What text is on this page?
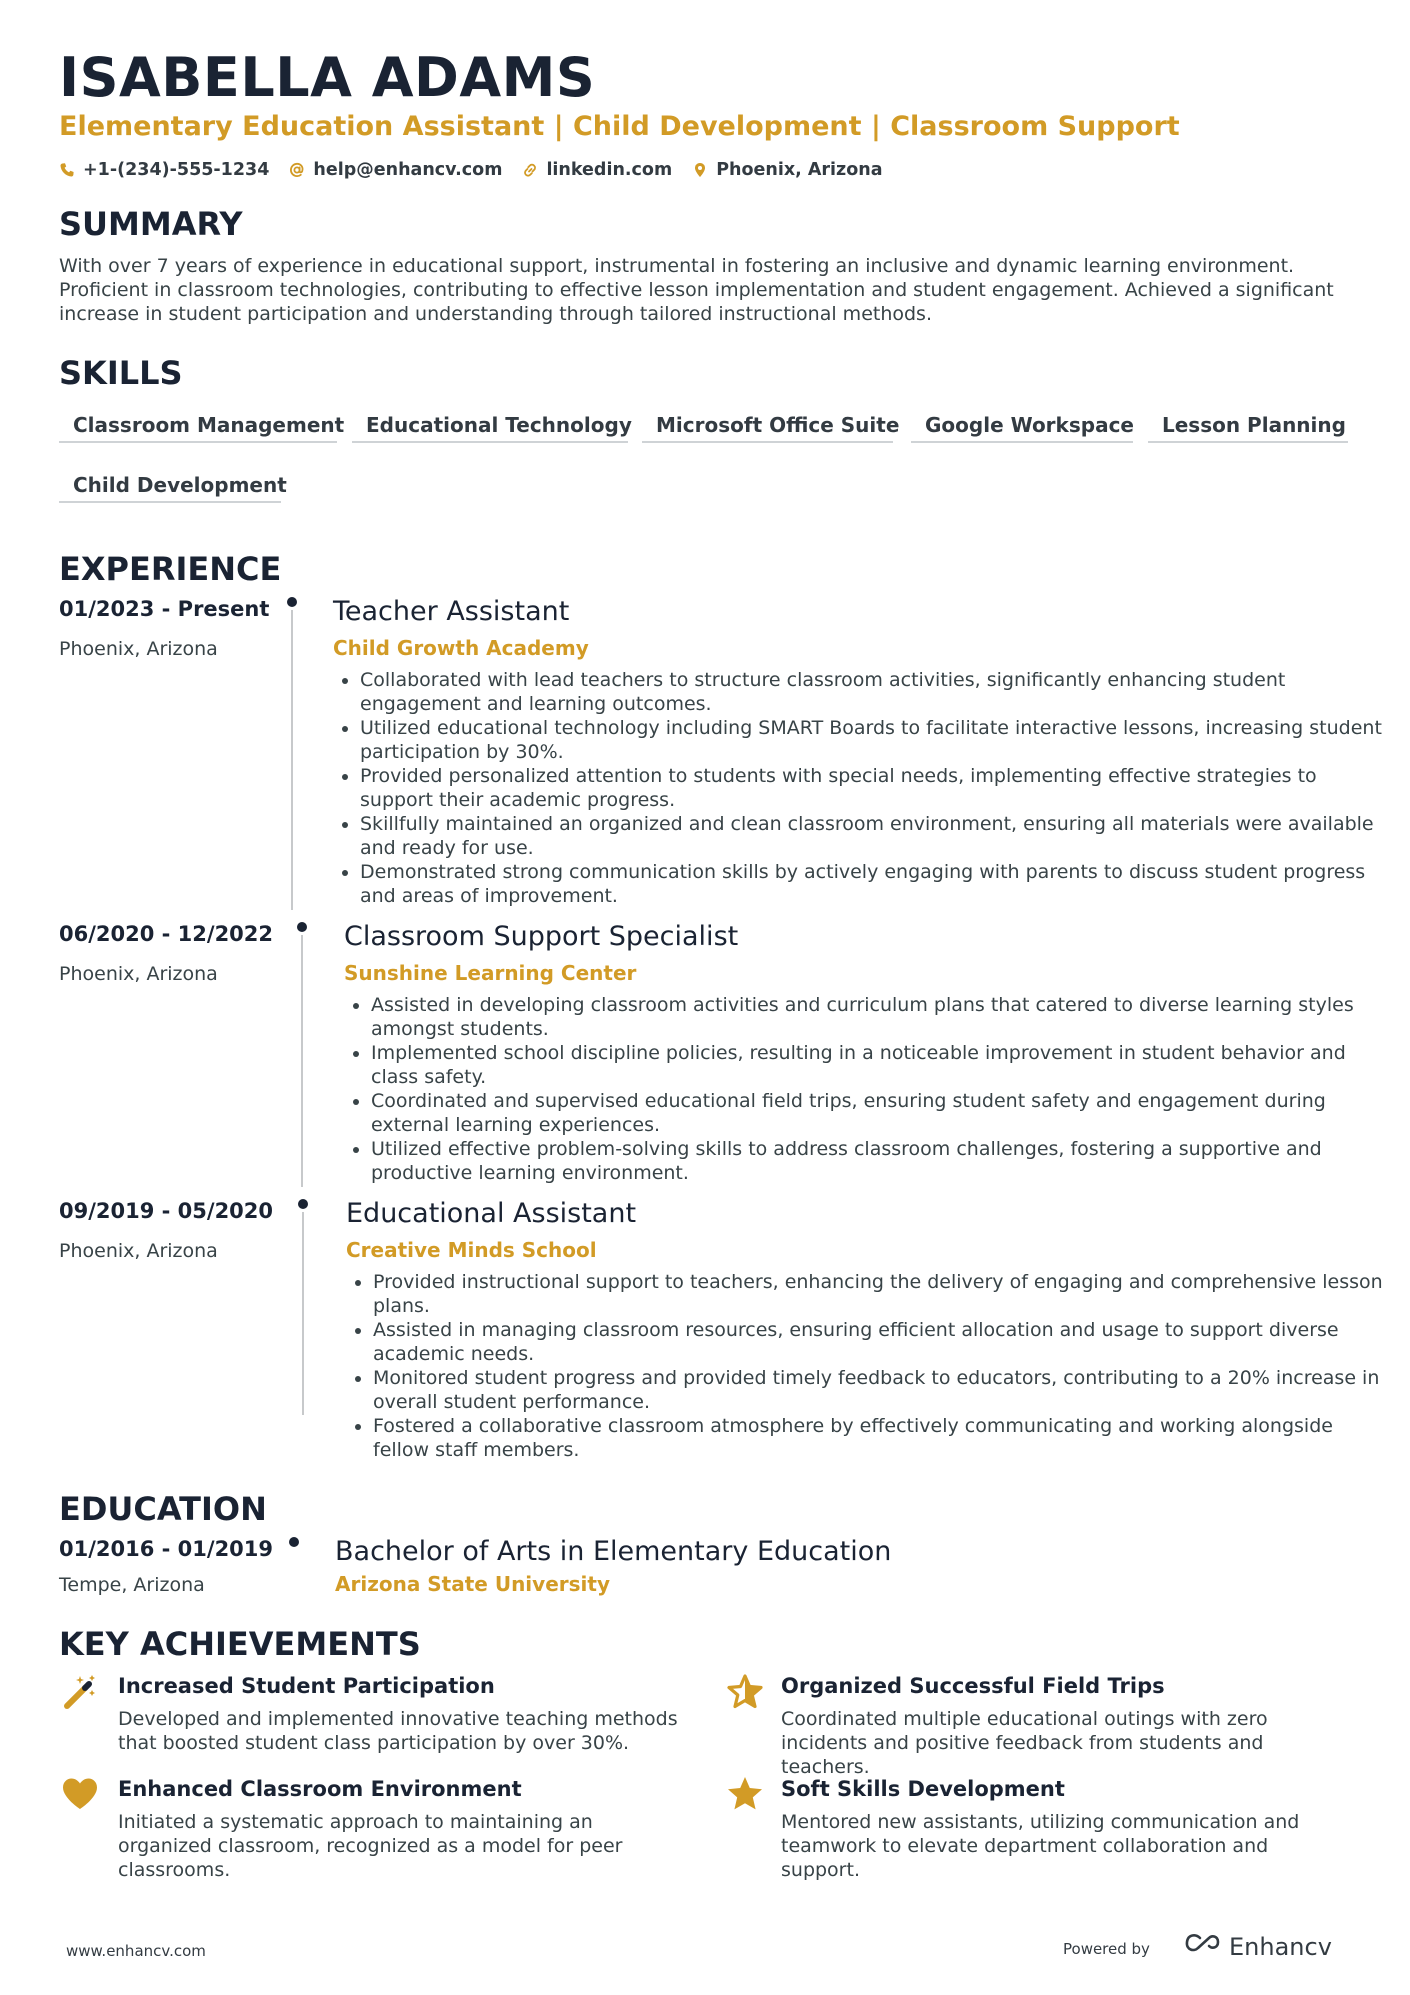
ISABELLA ADAMS
Elementary Education Assistant | Child Development | Classroom Support
+1-(234)-555-1234	help@enhancv.com	linkedin.com	Phoenix, Arizona
SUMMARY
With over 7 years of experience in educational support, instrumental in fostering an inclusive and dynamic learning environment. Proficient in classroom technologies, contributing to effective lesson implementation and student engagement. Achieved a significant increase in student participation and understanding through tailored instructional methods.
SKILLS
Classroom Management	Educational Technology	Microsoft Office Suite	Google Workspace	Lesson Planning
Child Development
EXPERIENCE
01/2023 - Present
Phoenix, Arizona
Teacher Assistant
Child Growth Academy
• Collaborated with lead teachers to structure classroom activities, significantly enhancing student engagement and learning outcomes.
• Utilized educational technology including SMART Boards to facilitate interactive lessons, increasing student participation by 30%.
• Provided personalized attention to students with special needs, implementing effective strategies to support their academic progress.
• Skillfully maintained an organized and clean classroom environment, ensuring all materials were available and ready for use.
• Demonstrated strong communication skills by actively engaging with parents to discuss student progress and areas of improvement.
06/2020 - 12/2022
Phoenix, Arizona
Classroom Support Specialist
Sunshine Learning Center
• Assisted in developing classroom activities and curriculum plans that catered to diverse learning styles amongst students.
• Implemented school discipline policies, resulting in a noticeable improvement in student behavior and class safety.
• Coordinated and supervised educational field trips, ensuring student safety and engagement during external learning experiences.
• Utilized effective problem-solving skills to address classroom challenges, fostering a supportive and productive learning environment.
09/2019 - 05/2020
Phoenix, Arizona
Educational Assistant
Creative Minds School
• Provided instructional support to teachers, enhancing the delivery of engaging and comprehensive lesson plans.
• Assisted in managing classroom resources, ensuring efficient allocation and usage to support diverse academic needs.
• Monitored student progress and provided timely feedback to educators, contributing to a 20% increase in overall student performance.
• Fostered a collaborative classroom atmosphere by effectively communicating and working alongside fellow staff members.
EDUCATION
01/2016 - 01/2019
Tempe, Arizona
Bachelor of Arts in Elementary Education
Arizona State University
KEY ACHIEVEMENTS
Increased Student Participation
Developed and implemented innovative teaching methods that boosted student class participation by over 30%.
Organized Successful Field Trips
Coordinated multiple educational outings with zero incidents and positive feedback from students and teachers.
Enhanced Classroom Environment
Initiated a systematic approach to maintaining an organized classroom, recognized as a model for peer classrooms.
Soft Skills Development
Mentored new assistants, utilizing communication and teamwork to elevate department collaboration and support.
www.enhancv.com	Powered by	Enhancv
